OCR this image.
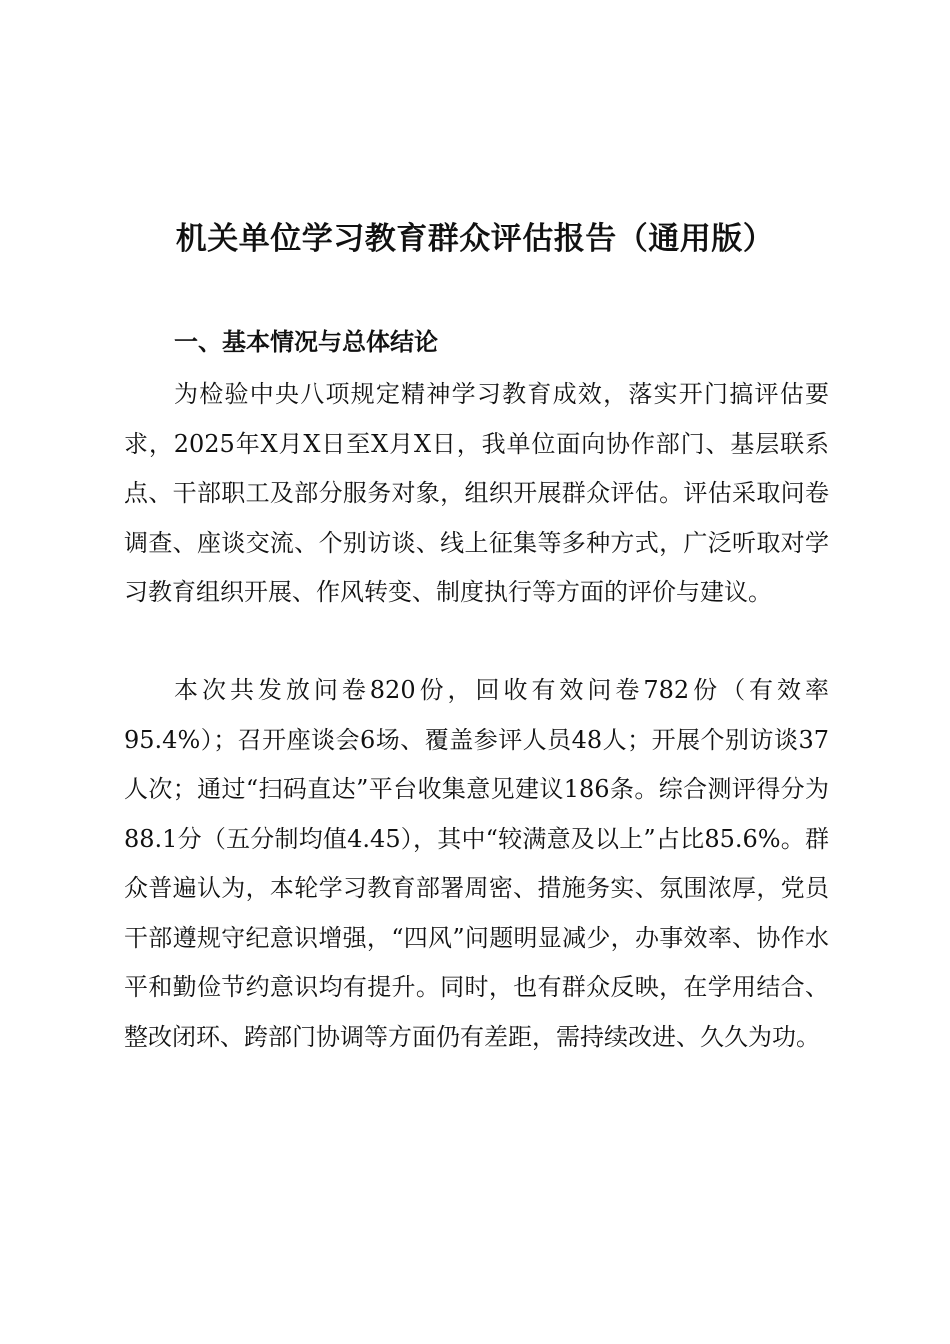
机关单位学习教育群众评估报告（通用版）
一、基本情况与总体结论

为检验中央八项规定精神学习教育成效，落实开门搞评估要求，2025年X月X日至X月X日，我单位面向协作部门、基层联系点、干部职工及部分服务对象，组织开展群众评估。评估采取问卷调查、座谈交流、个别访谈、线上征集等多种方式，广泛听取对学习教育组织开展、作风转变、制度执行等方面的评价与建议。

本次共发放问卷820份，回收有效问卷782份（有效率95.4%）；召开座谈会6场、覆盖参评人员48人；开展个别访谈37人次；通过“扫码直达”平台收集意见建议186条。综合测评得分为88.1分（五分制均值4.45），其中“较满意及以上”占比85.6%。群众普遍认为，本轮学习教育部署周密、措施务实、氛围浓厚，党员干部遵规守纪意识增强，“四风”问题明显减少，办事效率、协作水平和勤俭节约意识均有提升。同时，也有群众反映，在学用结合、整改闭环、跨部门协调等方面仍有差距，需持续改进、久久为功。
